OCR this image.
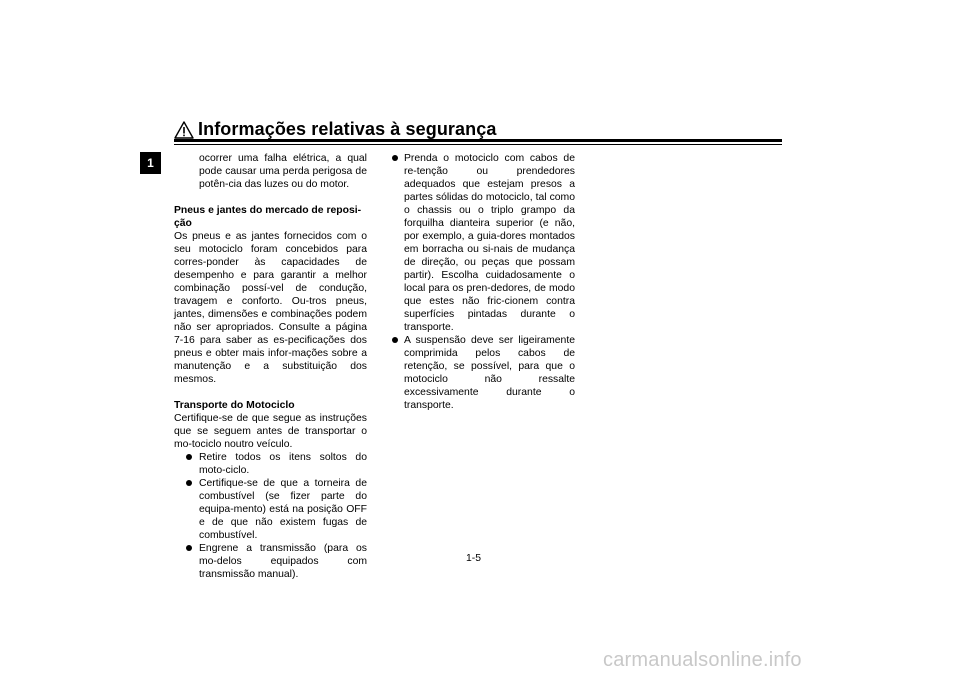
Informações relativas à segurança
1	ocorrer uma falha elétrica, a qual pode causar uma perda perigosa de potên-cia das luzes ou do motor.

Pneus e jantes do mercado de reposi-ção

Os pneus e as jantes fornecidos com o seu motociclo foram concebidos para corres-ponder às capacidades de desempenho e para garantir a melhor combinação possí-vel de condução, travagem e conforto. Ou-tros pneus, jantes, dimensões e combinações podem não ser apropriados. Consulte a página 7-16 para saber as es-pecificações dos pneus e obter mais infor-mações sobre a manutenção e a substituição dos mesmos.

Transporte do Motociclo

Certifique-se de que segue as instruções que se seguem antes de transportar o mo-tociclo noutro veículo.

Retire todos os itens soltos do moto-ciclo.

Certifique-se de que a torneira de combustível (se fizer parte do equipa-mento) está na posição OFF e de que não existem fugas de combustível.

Engrene a transmissão (para os mo-delos equipados com transmissão manual).

Prenda o motociclo com cabos de re-tenção ou prendedores adequados que estejam presos a partes sólidas do motociclo, tal como o chassis ou o triplo grampo da forquilha dianteira superior (e não, por exemplo, a guia-dores montados em borracha ou si-nais de mudança de direção, ou peças que possam partir). Escolha cuidadosamente o local para os pren-dedores, de modo que estes não fric-cionem contra superfícies pintadas durante o transporte.

A suspensão deve ser ligeiramente comprimida pelos cabos de retenção, se possível, para que o motociclo não ressalte excessivamente durante o transporte.

1-5
carmanualsonline.info
